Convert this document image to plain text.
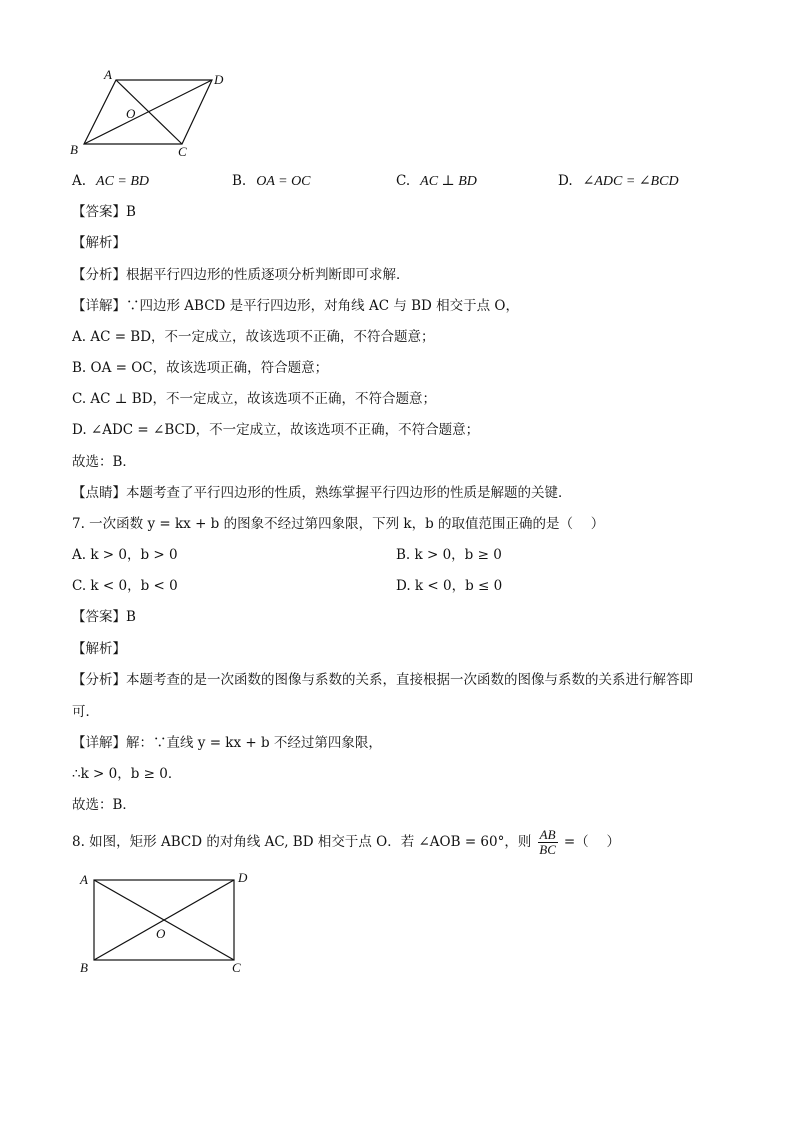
A	D
O
B	C
A. AC = BD	B. OA = OC	C. AC ⊥ BD	D. ∠ADC = ∠BCD
【答案】B
【解析】
【分析】根据平行四边形的性质逐项分析判断即可求解．
【详解】∵四边形 ABCD 是平行四边形，对角线 AC 与 BD 相交于点 O，
A. AC = BD，不一定成立，故该选项不正确，不符合题意；
B. OA = OC，故该选项正确，符合题意；
C. AC ⊥ BD，不一定成立，故该选项不正确，不符合题意；
D. ∠ADC = ∠BCD，不一定成立，故该选项不正确，不符合题意；
故选：B．
【点睛】本题考查了平行四边形的性质，熟练掌握平行四边形的性质是解题的关键．
7. 一次函数 y = kx + b 的图象不经过第四象限，下列 k，b 的取值范围正确的是（　 ）
A. k > 0，b > 0	B. k > 0，b ≥ 0
C. k < 0，b < 0	D. k < 0，b ≤ 0
【答案】B
【解析】
【分析】本题考查的是一次函数的图像与系数的关系，直接根据一次函数的图像与系数的关系进行解答即
可．
【详解】解：∵直线 y = kx + b 不经过第四象限，
∴k > 0，b ≥ 0．
故选：B．
8. 如图，矩形 ABCD 的对角线 AC, BD 相交于点 O．若 ∠AOB = 60°，则 $\frac{AB}{BC}$ =（　 ）
A	D
O
B	C
